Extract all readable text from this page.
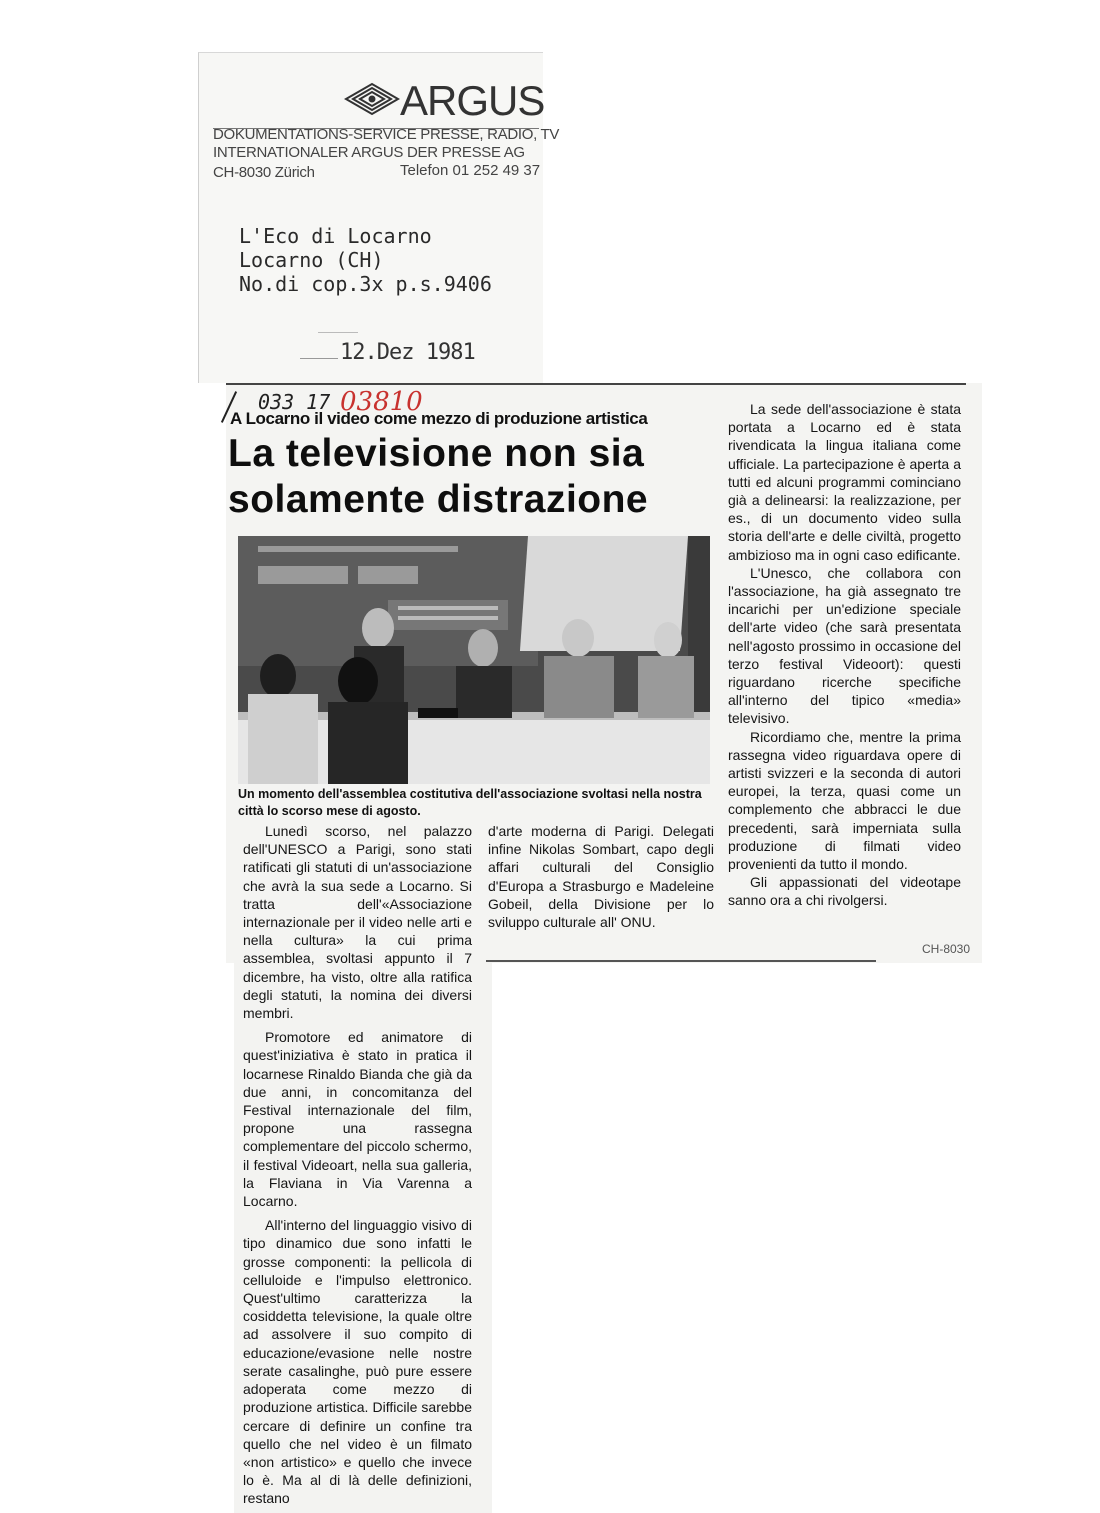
ARGUS
DOKUMENTATIONS-SERVICE PRESSE, RADIO, TV
INTERNATIONALER ARGUS DER PRESSE AG
CH-8030 Zürich	Telefon 01 252 49 37
L'Eco di Locarno
Locarno (CH)
No.di cop.3x p.s.9406
12.Dez 1981
033 17 03810
A Locarno il video come mezzo di produzione artistica
La televisione non sia
solamente distrazione
Un momento dell'assemblea costitutiva dell'associazione svoltasi nella nostra città lo scorso mese di agosto.

Lunedì scorso, nel palazzo dell'UNESCO a Parigi, sono stati ratificati gli statuti di un'associazione che avrà la sua sede a Locarno. Si tratta dell'«Associazione internazionale per il video nelle arti e nella cultura» la cui prima assemblea, svoltasi appunto il 7 dicembre, ha visto, oltre alla ratifica degli statuti, la nomina dei diversi membri.

Promotore ed animatore di quest'iniziativa è stato in pratica il locarnese Rinaldo Bianda che già da due anni, in concomitanza del Festival internazionale del film, propone una rassegna complementare del piccolo schermo, il festival Videoart, nella sua galleria, la Flaviana in Via Varenna a Locarno.

All'interno del linguaggio visivo di tipo dinamico due sono infatti le grosse componenti: la pellicola di celluloide e l'impulso elettronico. Quest'ultimo caratterizza la cosiddetta televisione, la quale oltre ad assolvere il suo compito di educazione/evasione nelle nostre serate casalinghe, può pure essere adoperata come mezzo di produzione artistica. Difficile sarebbe cercare di definire un confine tra quello che nel video è un filmato «non artistico» e quello che invece lo è. Ma al di là delle definizioni, restano

d'arte moderna di Parigi. Delegati infine Nikolas Sombart, capo degli affari culturali del Consiglio d'Europa a Strasburgo e Madeleine Gobeil, della Divisione per lo sviluppo culturale all' ONU.

La sede dell'associazione è stata portata a Locarno ed è stata rivendicata la lingua italiana come ufficiale. La partecipazione è aperta a tutti ed alcuni programmi cominciano già a delinearsi: la realizzazione, per es., di un documento video sulla storia dell'arte e delle civiltà, progetto ambizioso ma in ogni caso edificante.

L'Unesco, che collabora con l'associazione, ha già assegnato tre incarichi per un'edizione speciale dell'arte video (che sarà presentata nell'agosto prossimo in occasione del terzo festival Videoort): questi riguardano ricerche specifiche all'interno del tipico «media» televisivo.

Ricordiamo che, mentre la prima rassegna video riguardava opere di artisti svizzeri e la seconda di autori europei, la terza, quasi come un complemento che abbracci le due precedenti, sarà imperniata sulla produzione di filmati video provenienti da tutto il mondo.

Gli appassionati del videotape sanno ora a chi rivolgersi.

CH-8030
